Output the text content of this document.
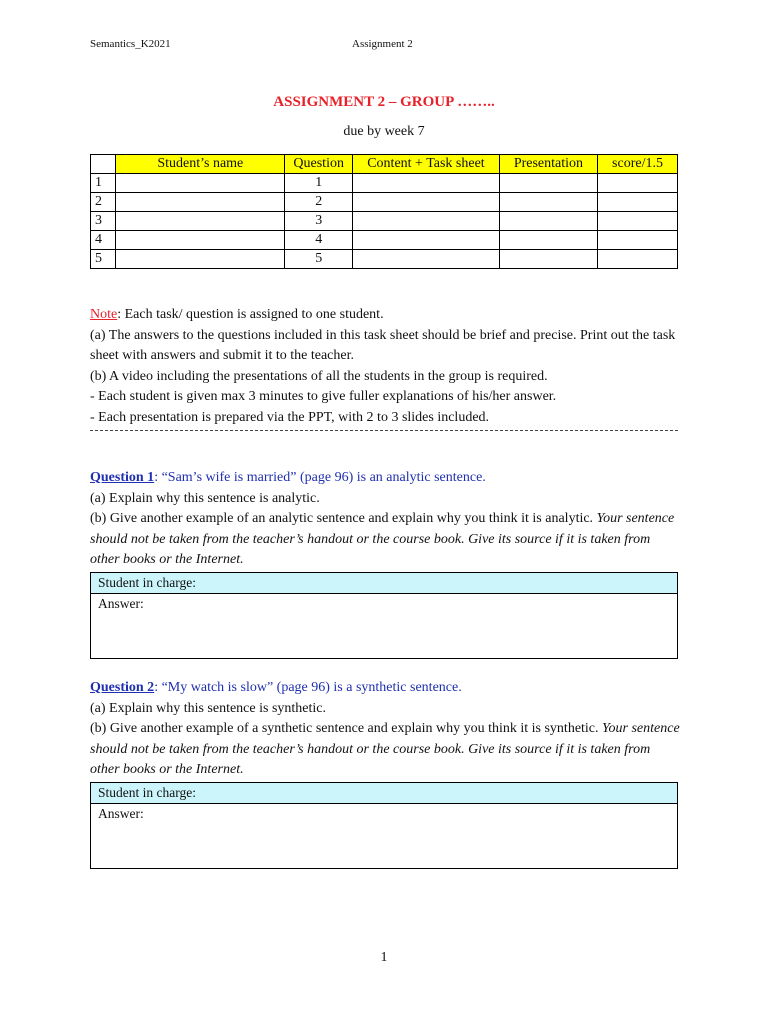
Semantics_K2021	Assignment 2
ASSIGNMENT 2 – GROUP ……..
due by week 7
	Student’s name	Question	Content + Task sheet	Presentation	score/1.5
1		1			
2		2			
3		3			
4		4			
5		5			

Note: Each task/ question is assigned to one student.

(a) The answers to the questions included in this task sheet should be brief and precise. Print out the task sheet with answers and submit it to the teacher.

(b) A video including the presentations of all the students in the group is required.

- Each student is given max 3 minutes to give fuller explanations of his/her answer.

- Each presentation is prepared via the PPT, with 2 to 3 slides included.

Question 1: “Sam’s wife is married” (page 96) is an analytic sentence.

(a) Explain why this sentence is analytic.

(b) Give another example of an analytic sentence and explain why you think it is analytic. Your sentence should not be taken from the teacher’s handout or the course book. Give its source if it is taken from other books or the Internet.

Student in charge:
Answer:

Question 2: “My watch is slow” (page 96) is a synthetic sentence.

(a) Explain why this sentence is synthetic.

(b) Give another example of a synthetic sentence and explain why you think it is synthetic. Your sentence should not be taken from the teacher’s handout or the course book. Give its source if it is taken from other books or the Internet.

Student in charge:
Answer:
1
